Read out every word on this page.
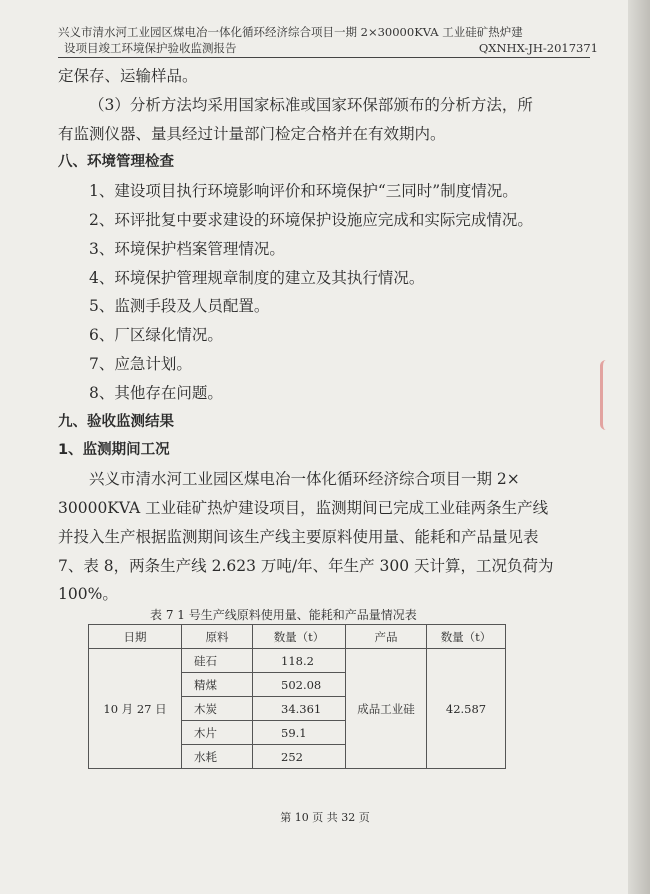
兴义市清水河工业园区煤电冶一体化循环经济综合项目一期 2×30000KVA 工业硅矿热炉建
设项目竣工环境保护验收监测报告	QXNHX-JH-2017371

定保存、运输样品。

（3）分析方法均采用国家标准或国家环保部颁布的分析方法，所

有监测仪器、量具经过计量部门检定合格并在有效期内。

八、环境管理检查

1、建设项目执行环境影响评价和环境保护“三同时”制度情况。

2、环评批复中要求建设的环境保护设施应完成和实际完成情况。

3、环境保护档案管理情况。

4、环境保护管理规章制度的建立及其执行情况。

5、监测手段及人员配置。

6、厂区绿化情况。

7、应急计划。

8、其他存在问题。

九、验收监测结果

1、监测期间工况

兴义市清水河工业园区煤电冶一体化循环经济综合项目一期 2×

30000KVA 工业硅矿热炉建设项目，监测期间已完成工业硅两条生产线

并投入生产根据监测期间该生产线主要原料使用量、能耗和产品量见表

7、表 8，两条生产线 2.623 万吨/年、年生产 300 天计算，工况负荷为

100%。

表 7 1 号生产线原料使用量、能耗和产品量情况表
日期	原料	数量（t）	产品	数量（t）
10 月 27 日	硅石	118.2	成品工业硅	42.587
	精煤	502.08		
	木炭	34.361		
	木片	59.1		
	水耗	252		
第 10 页 共 32 页
